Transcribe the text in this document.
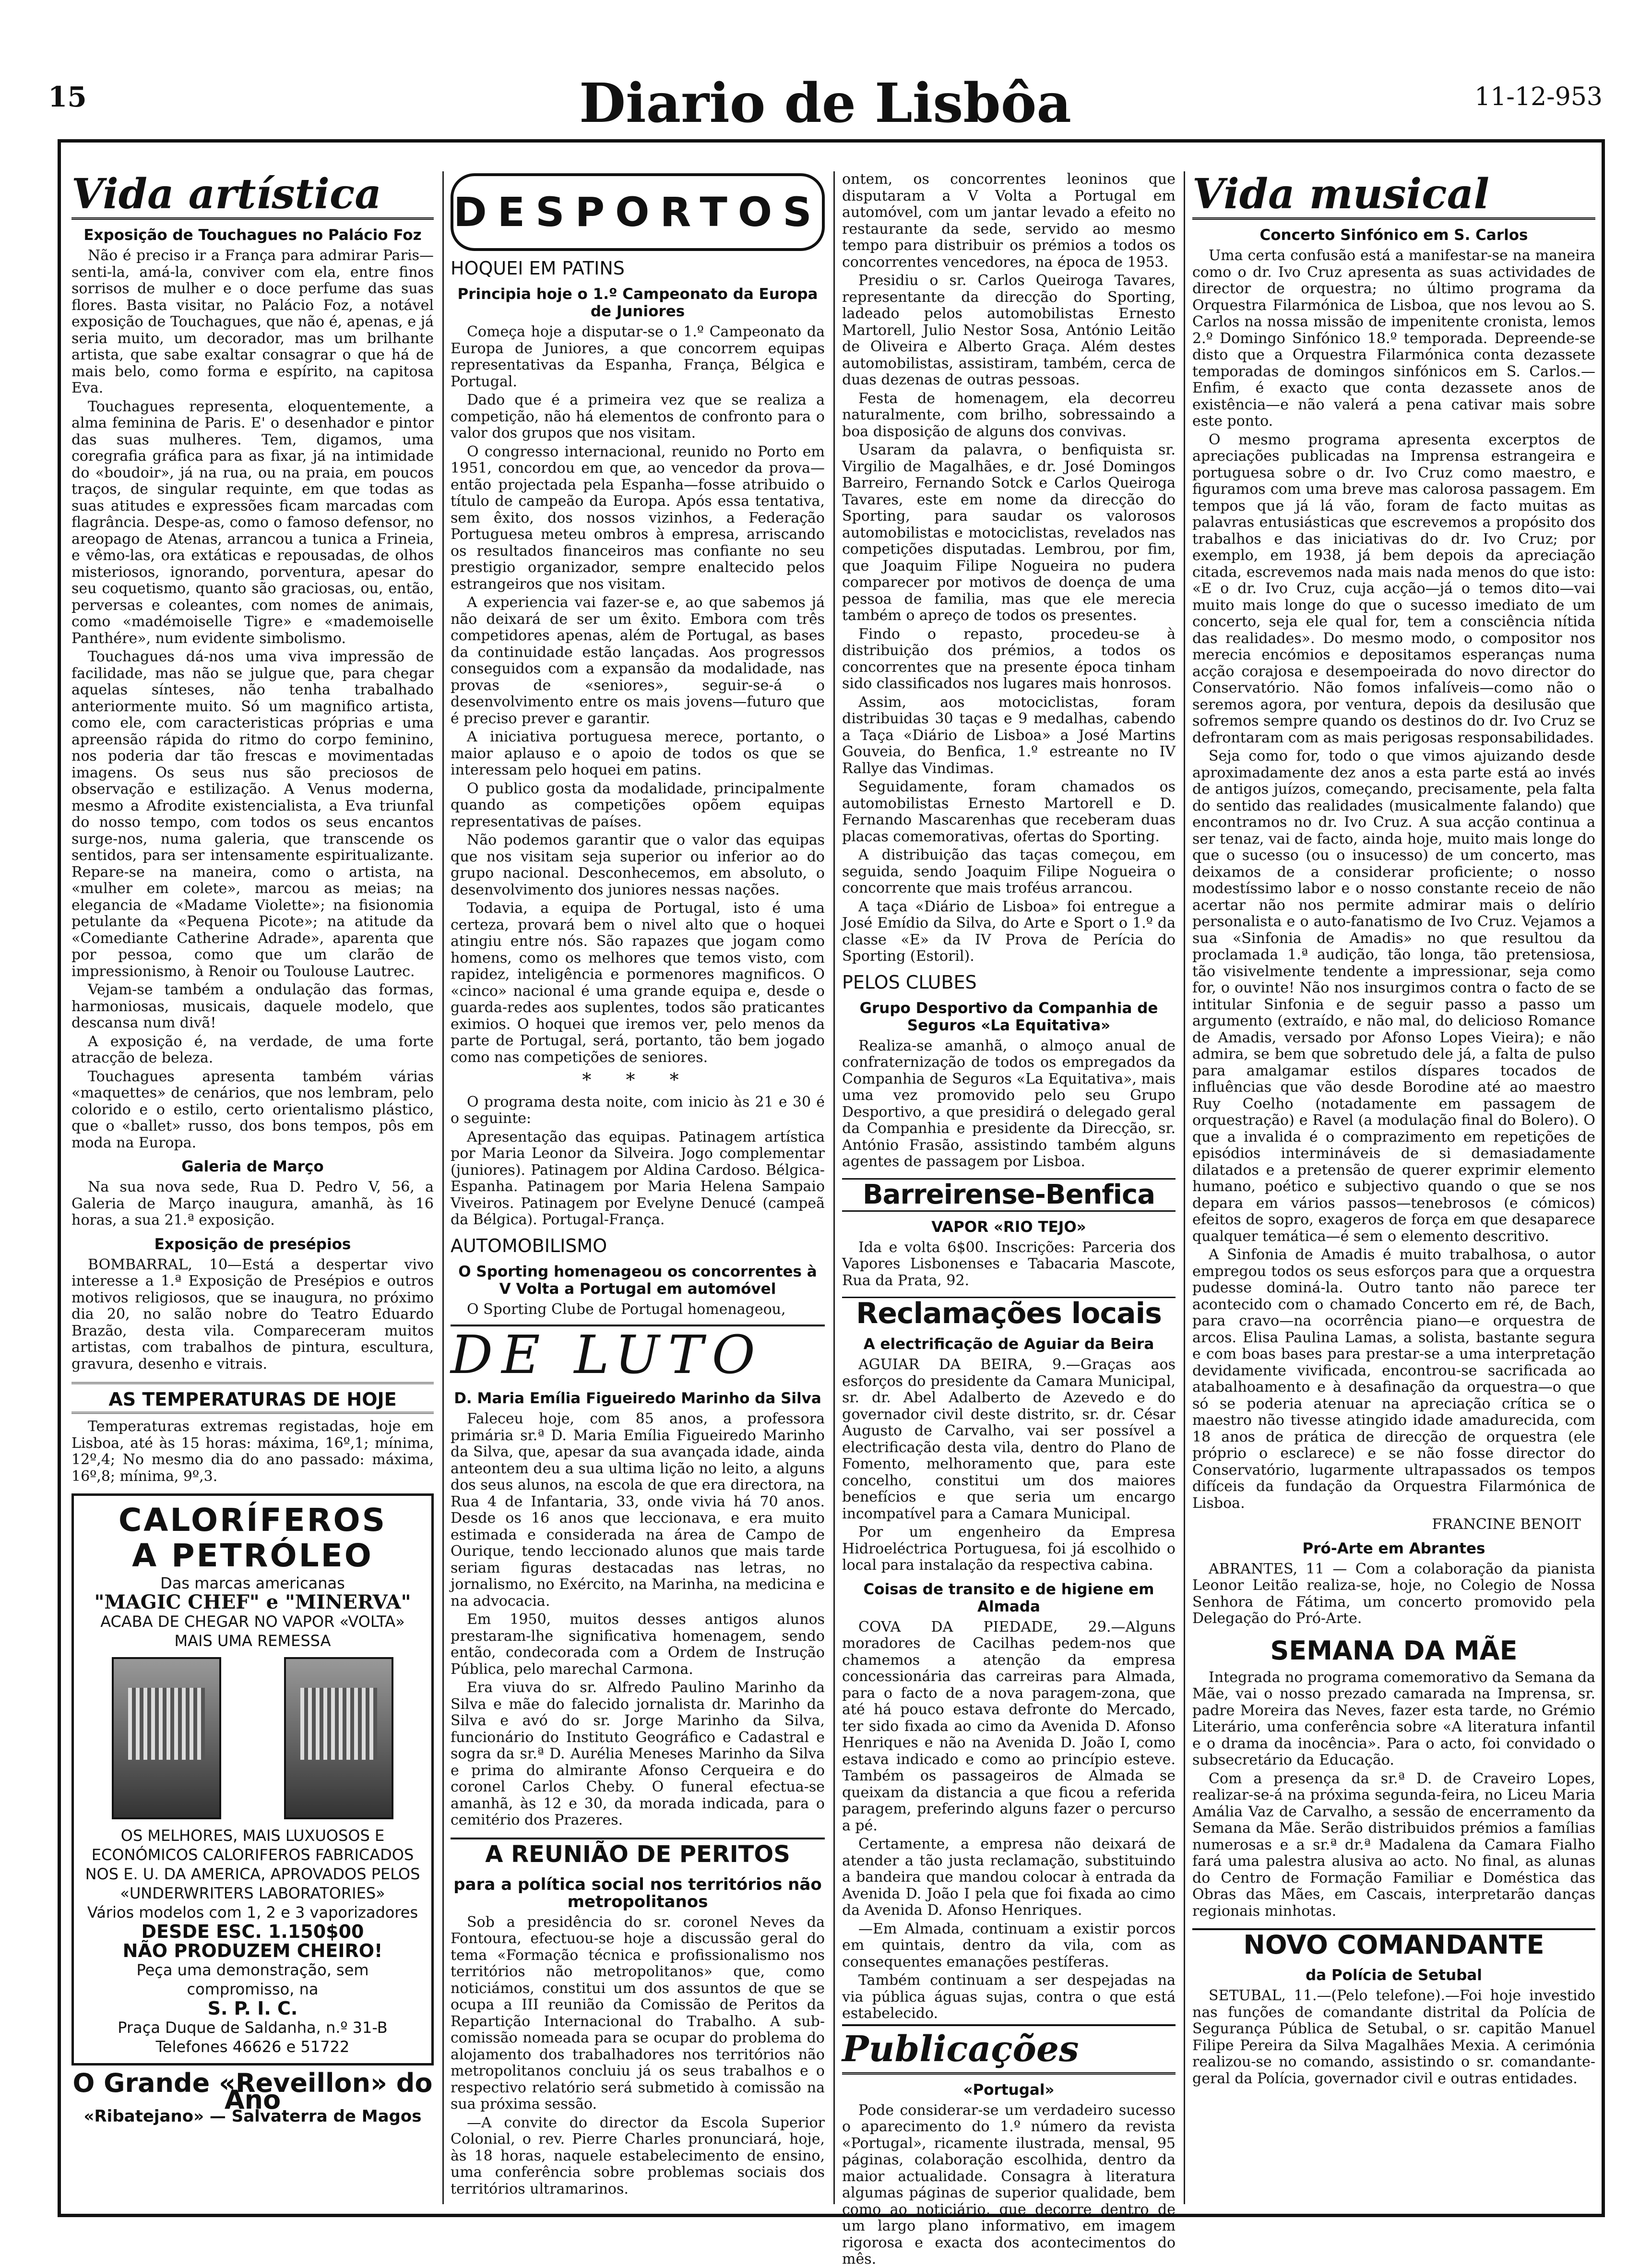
15	Diario de Lisbôa	11-12-953
Vida artística
Exposição de Touchagues no Palácio Foz

Não é preciso ir a França para admirar Paris—senti-la, amá-la, conviver com ela, entre finos sorrisos de mulher e o doce perfume das suas flores. Basta visitar, no Palácio Foz, a notável exposição de Touchagues, que não é, apenas, e já seria muito, um decorador, mas um brilhante artista, que sabe exaltar consagrar o que há de mais belo, como forma e espírito, na capitosa Eva.

Touchagues representa, eloquentemente, a alma feminina de Paris. E' o desenhador e pintor das suas mulheres. Tem, digamos, uma coregrafia gráfica para as fixar, já na intimidade do «boudoir», já na rua, ou na praia, em poucos traços, de singular requinte, em que todas as suas atitudes e expressões ficam marcadas com flagrância. Despe-as, como o famoso defensor, no areopago de Atenas, arrancou a tunica a Frineia, e vêmo-las, ora extáticas e repousadas, de olhos misteriosos, ignorando, porventura, apesar do seu coquetismo, quanto são graciosas, ou, então, perversas e coleantes, com nomes de animais, como «madémoiselle Tigre» e «mademoiselle Panthére», num evidente simbolismo.

Touchagues dá-nos uma viva impressão de facilidade, mas não se julgue que, para chegar aquelas sínteses, não tenha trabalhado anteriormente muito. Só um magnifico artista, como ele, com caracteristicas próprias e uma apreensão rápida do ritmo do corpo feminino, nos poderia dar tão frescas e movimentadas imagens. Os seus nus são preciosos de observação e estilização. A Venus moderna, mesmo a Afrodite existencialista, a Eva triunfal do nosso tempo, com todos os seus encantos surge-nos, numa galeria, que transcende os sentidos, para ser intensamente espiritualizante. Repare-se na maneira, como o artista, na «mulher em colete», marcou as meias; na elegancia de «Madame Violette»; na fisionomia petulante da «Pequena Picote»; na atitude da «Comediante Catherine Adrade», aparenta que por pessoa, como que um clarão de impressionismo, à Renoir ou Toulouse Lautrec.

Vejam-se também a ondulação das formas, harmoniosas, musicais, daquele modelo, que descansa num divã!

A exposição é, na verdade, de uma forte atracção de beleza.

Touchagues apresenta também várias «maquettes» de cenários, que nos lembram, pelo colorido e o estilo, certo orientalismo plástico, que o «ballet» russo, dos bons tempos, pôs em moda na Europa.

Galeria de Março

Na sua nova sede, Rua D. Pedro V, 56, a Galeria de Março inaugura, amanhã, às 16 horas, a sua 21.ª exposição.

Exposição de presépios

BOMBARRAL, 10—Está a despertar vivo interesse a 1.ª Exposição de Presépios e outros motivos religiosos, que se inaugura, no próximo dia 20, no salão nobre do Teatro Eduardo Brazão, desta vila. Compareceram muitos artistas, com trabalhos de pintura, escultura, gravura, desenho e vitrais.

AS TEMPERATURAS DE HOJE

Temperaturas extremas registadas, hoje em Lisboa, até às 15 horas: máxima, 16º,1; mínima, 12º,4; No mesmo dia do ano passado: máxima, 16º,8; mínima, 9º,3.

CALORÍFEROS
A PETRÓLEO
Das marcas americanas
"MAGIC CHEF" e "MINERVA"
ACABA DE CHEGAR NO VAPOR «VOLTA» MAIS UMA REMESSA
OS MELHORES, MAIS LUXUOSOS E ECONÓMICOS CALORIFEROS FABRICADOS NOS E. U. DA AMERICA, APROVADOS PELOS «UNDERWRITERS LABORATORIES»
Vários modelos com 1, 2 e 3 vaporizadores
DESDE ESC. 1.150$00
NÃO PRODUZEM CHEIRO!
Peça uma demonstração, sem compromisso, na
S. P. I. C.
Praça Duque de Saldanha, n.º 31-B Telefones 46626 e 51722
O Grande «Reveillon» do Ano
«Ribatejano» — Salvaterra de Magos
DESPORTOS
HOQUEI EM PATINS
Principia hoje o 1.º Campeonato da Europa de Juniores

Começa hoje a disputar-se o 1.º Campeonato da Europa de Juniores, a que concorrem equipas representativas da Espanha, França, Bélgica e Portugal.

Dado que é a primeira vez que se realiza a competição, não há elementos de confronto para o valor dos grupos que nos visitam.

O congresso internacional, reunido no Porto em 1951, concordou em que, ao vencedor da prova—então projectada pela Espanha—fosse atribuido o título de campeão da Europa. Após essa tentativa, sem êxito, dos nossos vizinhos, a Federação Portuguesa meteu ombros à empresa, arriscando os resultados financeiros mas confiante no seu prestigio organizador, sempre enaltecido pelos estrangeiros que nos visitam.

A experiencia vai fazer-se e, ao que sabemos já não deixará de ser um êxito. Embora com três competidores apenas, além de Portugal, as bases da continuidade estão lançadas. Aos progressos conseguidos com a expansão da modalidade, nas provas de «seniores», seguir-se-á o desenvolvimento entre os mais jovens—futuro que é preciso prever e garantir.

A iniciativa portuguesa merece, portanto, o maior aplauso e o apoio de todos os que se interessam pelo hoquei em patins.

O publico gosta da modalidade, principalmente quando as competições opõem equipas representativas de países.

Não podemos garantir que o valor das equipas que nos visitam seja superior ou inferior ao do grupo nacional. Desconhecemos, em absoluto, o desenvolvimento dos juniores nessas nações.

Todavia, a equipa de Portugal, isto é uma certeza, provará bem o nivel alto que o hoquei atingiu entre nós. São rapazes que jogam como homens, como os melhores que temos visto, com rapidez, inteligência e pormenores magnificos. O «cinco» nacional é uma grande equipa e, desde o guarda-redes aos suplentes, todos são praticantes eximios. O hoquei que iremos ver, pelo menos da parte de Portugal, será, portanto, tão bem jogado como nas competições de seniores.

* * *

O programa desta noite, com inicio às 21 e 30 é o seguinte:

Apresentação das equipas. Patinagem artística por Maria Leonor da Silveira. Jogo complementar (juniores). Patinagem por Aldina Cardoso. Bélgica-Espanha. Patinagem por Maria Helena Sampaio Viveiros. Patinagem por Evelyne Denucé (campeã da Bélgica). Portugal-França.

AUTOMOBILISMO
O Sporting homenageou os concorrentes à V Volta a Portugal em automóvel

O Sporting Clube de Portugal homenageou,

DE LUTO
D. Maria Emília Figueiredo Marinho da Silva

Faleceu hoje, com 85 anos, a professora primária sr.ª D. Maria Emília Figueiredo Marinho da Silva, que, apesar da sua avançada idade, ainda anteontem deu a sua ultima lição no leito, a alguns dos seus alunos, na escola de que era directora, na Rua 4 de Infantaria, 33, onde vivia há 70 anos. Desde os 16 anos que leccionava, e era muito estimada e considerada na área de Campo de Ourique, tendo leccionado alunos que mais tarde seriam figuras destacadas nas letras, no jornalismo, no Exército, na Marinha, na medicina e na advocacia.

Em 1950, muitos desses antigos alunos prestaram-lhe significativa homenagem, sendo então, condecorada com a Ordem de Instrução Pública, pelo marechal Carmona.

Era viuva do sr. Alfredo Paulino Marinho da Silva e mãe do falecido jornalista dr. Marinho da Silva e avó do sr. Jorge Marinho da Silva, funcionário do Instituto Geográfico e Cadastral e sogra da sr.ª D. Aurélia Meneses Marinho da Silva e prima do almirante Afonso Cerqueira e do coronel Carlos Cheby. O funeral efectua-se amanhã, às 12 e 30, da morada indicada, para o cemitério dos Prazeres.

A REUNIÃO DE PERITOS
para a política social nos territórios não metropolitanos

Sob a presidência do sr. coronel Neves da Fontoura, efectuou-se hoje a discussão geral do tema «Formação técnica e profissionalismo nos territórios não metropolitanos» que, como noticiámos, constitui um dos assuntos de que se ocupa a III reunião da Comissão de Peritos da Repartição Internacional do Trabalho. A sub-comissão nomeada para se ocupar do problema do alojamento dos trabalhadores nos territórios não metropolitanos concluiu já os seus trabalhos e o respectivo relatório será submetido à comissão na sua próxima sessão.

—A convite do director da Escola Superior Colonial, o rev. Pierre Charles pronunciará, hoje, às 18 horas, naquele estabelecimento de ensino, uma conferência sobre problemas sociais dos territórios ultramarinos.

ontem, os concorrentes leoninos que disputaram a V Volta a Portugal em automóvel, com um jantar levado a efeito no restaurante da sede, servido ao mesmo tempo para distribuir os prémios a todos os concorrentes vencedores, na época de 1953.

Presidiu o sr. Carlos Queiroga Tavares, representante da direcção do Sporting, ladeado pelos automobilistas Ernesto Martorell, Julio Nestor Sosa, António Leitão de Oliveira e Alberto Graça. Além destes automobilistas, assistiram, também, cerca de duas dezenas de outras pessoas.

Festa de homenagem, ela decorreu naturalmente, com brilho, sobressaindo a boa disposição de alguns dos convivas.

Usaram da palavra, o benfiquista sr. Virgilio de Magalhães, e dr. José Domingos Barreiro, Fernando Sotck e Carlos Queiroga Tavares, este em nome da direcção do Sporting, para saudar os valorosos automobilistas e motociclistas, revelados nas competições disputadas. Lembrou, por fim, que Joaquim Filipe Nogueira no pudera comparecer por motivos de doença de uma pessoa de familia, mas que ele merecia também o apreço de todos os presentes.

Findo o repasto, procedeu-se à distribuição dos prémios, a todos os concorrentes que na presente época tinham sido classificados nos lugares mais honrosos.

Assim, aos motociclistas, foram distribuidas 30 taças e 9 medalhas, cabendo a Taça «Diário de Lisboa» a José Martins Gouveia, do Benfica, 1.º estreante no IV Rallye das Vindimas.

Seguidamente, foram chamados os automobilistas Ernesto Martorell e D. Fernando Mascarenhas que receberam duas placas comemorativas, ofertas do Sporting.

A distribuição das taças começou, em seguida, sendo Joaquim Filipe Nogueira o concorrente que mais troféus arrancou.

A taça «Diário de Lisboa» foi entregue a José Emídio da Silva, do Arte e Sport o 1.º da classe «E» da IV Prova de Perícia do Sporting (Estoril).

PELOS CLUBES
Grupo Desportivo da Companhia de Seguros «La Equitativa»

Realiza-se amanhã, o almoço anual de confraternização de todos os empregados da Companhia de Seguros «La Equitativa», mais uma vez promovido pelo seu Grupo Desportivo, a que presidirá o delegado geral da Companhia e presidente da Direcção, sr. António Frasão, assistindo também alguns agentes de passagem por Lisboa.

Barreirense-Benfica
VAPOR «RIO TEJO»

Ida e volta 6$00. Inscrições: Parceria dos Vapores Lisbonenses e Tabacaria Mascote, Rua da Prata, 92.

Reclamações locais
A electrificação de Aguiar da Beira

AGUIAR DA BEIRA, 9.—Graças aos esforços do presidente da Camara Municipal, sr. dr. Abel Adalberto de Azevedo e do governador civil deste distrito, sr. dr. César Augusto de Carvalho, vai ser possível a electrificação desta vila, dentro do Plano de Fomento, melhoramento que, para este concelho, constitui um dos maiores benefícios e que seria um encargo incompatível para a Camara Municipal.

Por um engenheiro da Empresa Hidroeléctrica Portuguesa, foi já escolhido o local para instalação da respectiva cabina.

Coisas de transito e de higiene em Almada

COVA DA PIEDADE, 29.—Alguns moradores de Cacilhas pedem-nos que chamemos a atenção da empresa concessionária das carreiras para Almada, para o facto de a nova paragem-zona, que até há pouco estava defronte do Mercado, ter sido fixada ao cimo da Avenida D. Afonso Henriques e não na Avenida D. João I, como estava indicado e como ao princípio esteve. Também os passageiros de Almada se queixam da distancia a que ficou a referida paragem, preferindo alguns fazer o percurso a pé.

Certamente, a empresa não deixará de atender a tão justa reclamação, substituindo a bandeira que mandou colocar à entrada da Avenida D. João I pela que foi fixada ao cimo da Avenida D. Afonso Henriques.

—Em Almada, continuam a existir porcos em quintais, dentro da vila, com as consequentes emanações pestíferas.

Também continuam a ser despejadas na via pública águas sujas, contra o que está estabelecido.

Publicações
«Portugal»

Pode considerar-se um verdadeiro sucesso o aparecimento do 1.º número da revista «Portugal», ricamente ilustrada, mensal, 95 páginas, colaboração escolhida, dentro da maior actualidade. Consagra à literatura algumas páginas de superior qualidade, bem como ao noticiário, que decorre dentro de um largo plano informativo, em imagem rigorosa e exacta dos acontecimentos do mês.

Vida musical
Concerto Sinfónico em S. Carlos

Uma certa confusão está a manifestar-se na maneira como o dr. Ivo Cruz apresenta as suas actividades de director de orquestra; no último programa da Orquestra Filarmónica de Lisboa, que nos levou ao S. Carlos na nossa missão de impenitente cronista, lemos 2.º Domingo Sinfónico 18.º temporada. Depreende-se disto que a Orquestra Filarmónica conta dezassete temporadas de domingos sinfónicos em S. Carlos.—Enfim, é exacto que conta dezassete anos de existência—e não valerá a pena cativar mais sobre este ponto.

O mesmo programa apresenta excerptos de apreciações publicadas na Imprensa estrangeira e portuguesa sobre o dr. Ivo Cruz como maestro, e figuramos com uma breve mas calorosa passagem. Em tempos que já lá vão, foram de facto muitas as palavras entusiásticas que escrevemos a propósito dos trabalhos e das iniciativas do dr. Ivo Cruz; por exemplo, em 1938, já bem depois da apreciação citada, escrevemos nada mais nada menos do que isto: «E o dr. Ivo Cruz, cuja acção—já o temos dito—vai muito mais longe do que o sucesso imediato de um concerto, seja ele qual for, tem a consciência nítida das realidades». Do mesmo modo, o compositor nos merecia encómios e depositamos esperanças numa acção corajosa e desempoeirada do novo director do Conservatório. Não fomos infalíveis—como não o seremos agora, por ventura, depois da desilusão que sofremos sempre quando os destinos do dr. Ivo Cruz se defrontaram com as mais perigosas responsabilidades.

Seja como for, todo o que vimos ajuizando desde aproximadamente dez anos a esta parte está ao invés de antigos juízos, começando, precisamente, pela falta do sentido das realidades (musicalmente falando) que encontramos no dr. Ivo Cruz. A sua acção continua a ser tenaz, vai de facto, ainda hoje, muito mais longe do que o sucesso (ou o insucesso) de um concerto, mas deixamos de a considerar proficiente; o nosso modestíssimo labor e o nosso constante receio de não acertar não nos permite admirar mais o delírio personalista e o auto-fanatismo de Ivo Cruz. Vejamos a sua «Sinfonia de Amadis» no que resultou da proclamada 1.ª audição, tão longa, tão pretensiosa, tão visivelmente tendente a impressionar, seja como for, o ouvinte! Não nos insurgimos contra o facto de se intitular Sinfonia e de seguir passo a passo um argumento (extraído, e não mal, do delicioso Romance de Amadis, versado por Afonso Lopes Vieira); e não admira, se bem que sobretudo dele já, a falta de pulso para amalgamar estilos díspares tocados de influências que vão desde Borodine até ao maestro Ruy Coelho (notadamente em passagem de orquestração) e Ravel (a modulação final do Bolero). O que a invalida é o comprazimento em repetições de episódios intermináveis de si demasiadamente dilatados e a pretensão de querer exprimir elemento humano, poético e subjectivo quando o que se nos depara em vários passos—tenebrosos (e cómicos) efeitos de sopro, exageros de força em que desaparece qualquer temática—é sem o elemento descritivo.

A Sinfonia de Amadis é muito trabalhosa, o autor empregou todos os seus esforços para que a orquestra pudesse dominá-la. Outro tanto não parece ter acontecido com o chamado Concerto em ré, de Bach, para cravo—na ocorrência piano—e orquestra de arcos. Elisa Paulina Lamas, a solista, bastante segura e com boas bases para prestar-se a uma interpretação devidamente vivificada, encontrou-se sacrificada ao atabalhoamento e à desafinação da orquestra—o que só se poderia atenuar na apreciação crítica se o maestro não tivesse atingido idade amadurecida, com 18 anos de prática de direcção de orquestra (ele próprio o esclarece) e se não fosse director do Conservatório, lugarmente ultrapassados os tempos difíceis da fundação da Orquestra Filarmónica de Lisboa.

FRANCINE BENOIT
Pró-Arte em Abrantes

ABRANTES, 11 — Com a colaboração da pianista Leonor Leitão realiza-se, hoje, no Colegio de Nossa Senhora de Fátima, um concerto promovido pela Delegação do Pró-Arte.

SEMANA DA MÃE

Integrada no programa comemorativo da Semana da Mãe, vai o nosso prezado camarada na Imprensa, sr. padre Moreira das Neves, fazer esta tarde, no Grémio Literário, uma conferência sobre «A literatura infantil e o drama da inocência». Para o acto, foi convidado o subsecretário da Educação.

Com a presença da sr.ª D. de Craveiro Lopes, realizar-se-á na próxima segunda-feira, no Liceu Maria Amália Vaz de Carvalho, a sessão de encerramento da Semana da Mãe. Serão distribuidos prémios a famílias numerosas e a sr.ª dr.ª Madalena da Camara Fialho fará uma palestra alusiva ao acto. No final, as alunas do Centro de Formação Familiar e Doméstica das Obras das Mães, em Cascais, interpretarão danças regionais minhotas.

NOVO COMANDANTE
da Polícia de Setubal

SETUBAL, 11.—(Pelo telefone).—Foi hoje investido nas funções de comandante distrital da Polícia de Segurança Pública de Setubal, o sr. capitão Manuel Filipe Pereira da Silva Magalhães Mexia. A cerimónia realizou-se no comando, assistindo o sr. comandante-geral da Polícia, governador civil e outras entidades.
